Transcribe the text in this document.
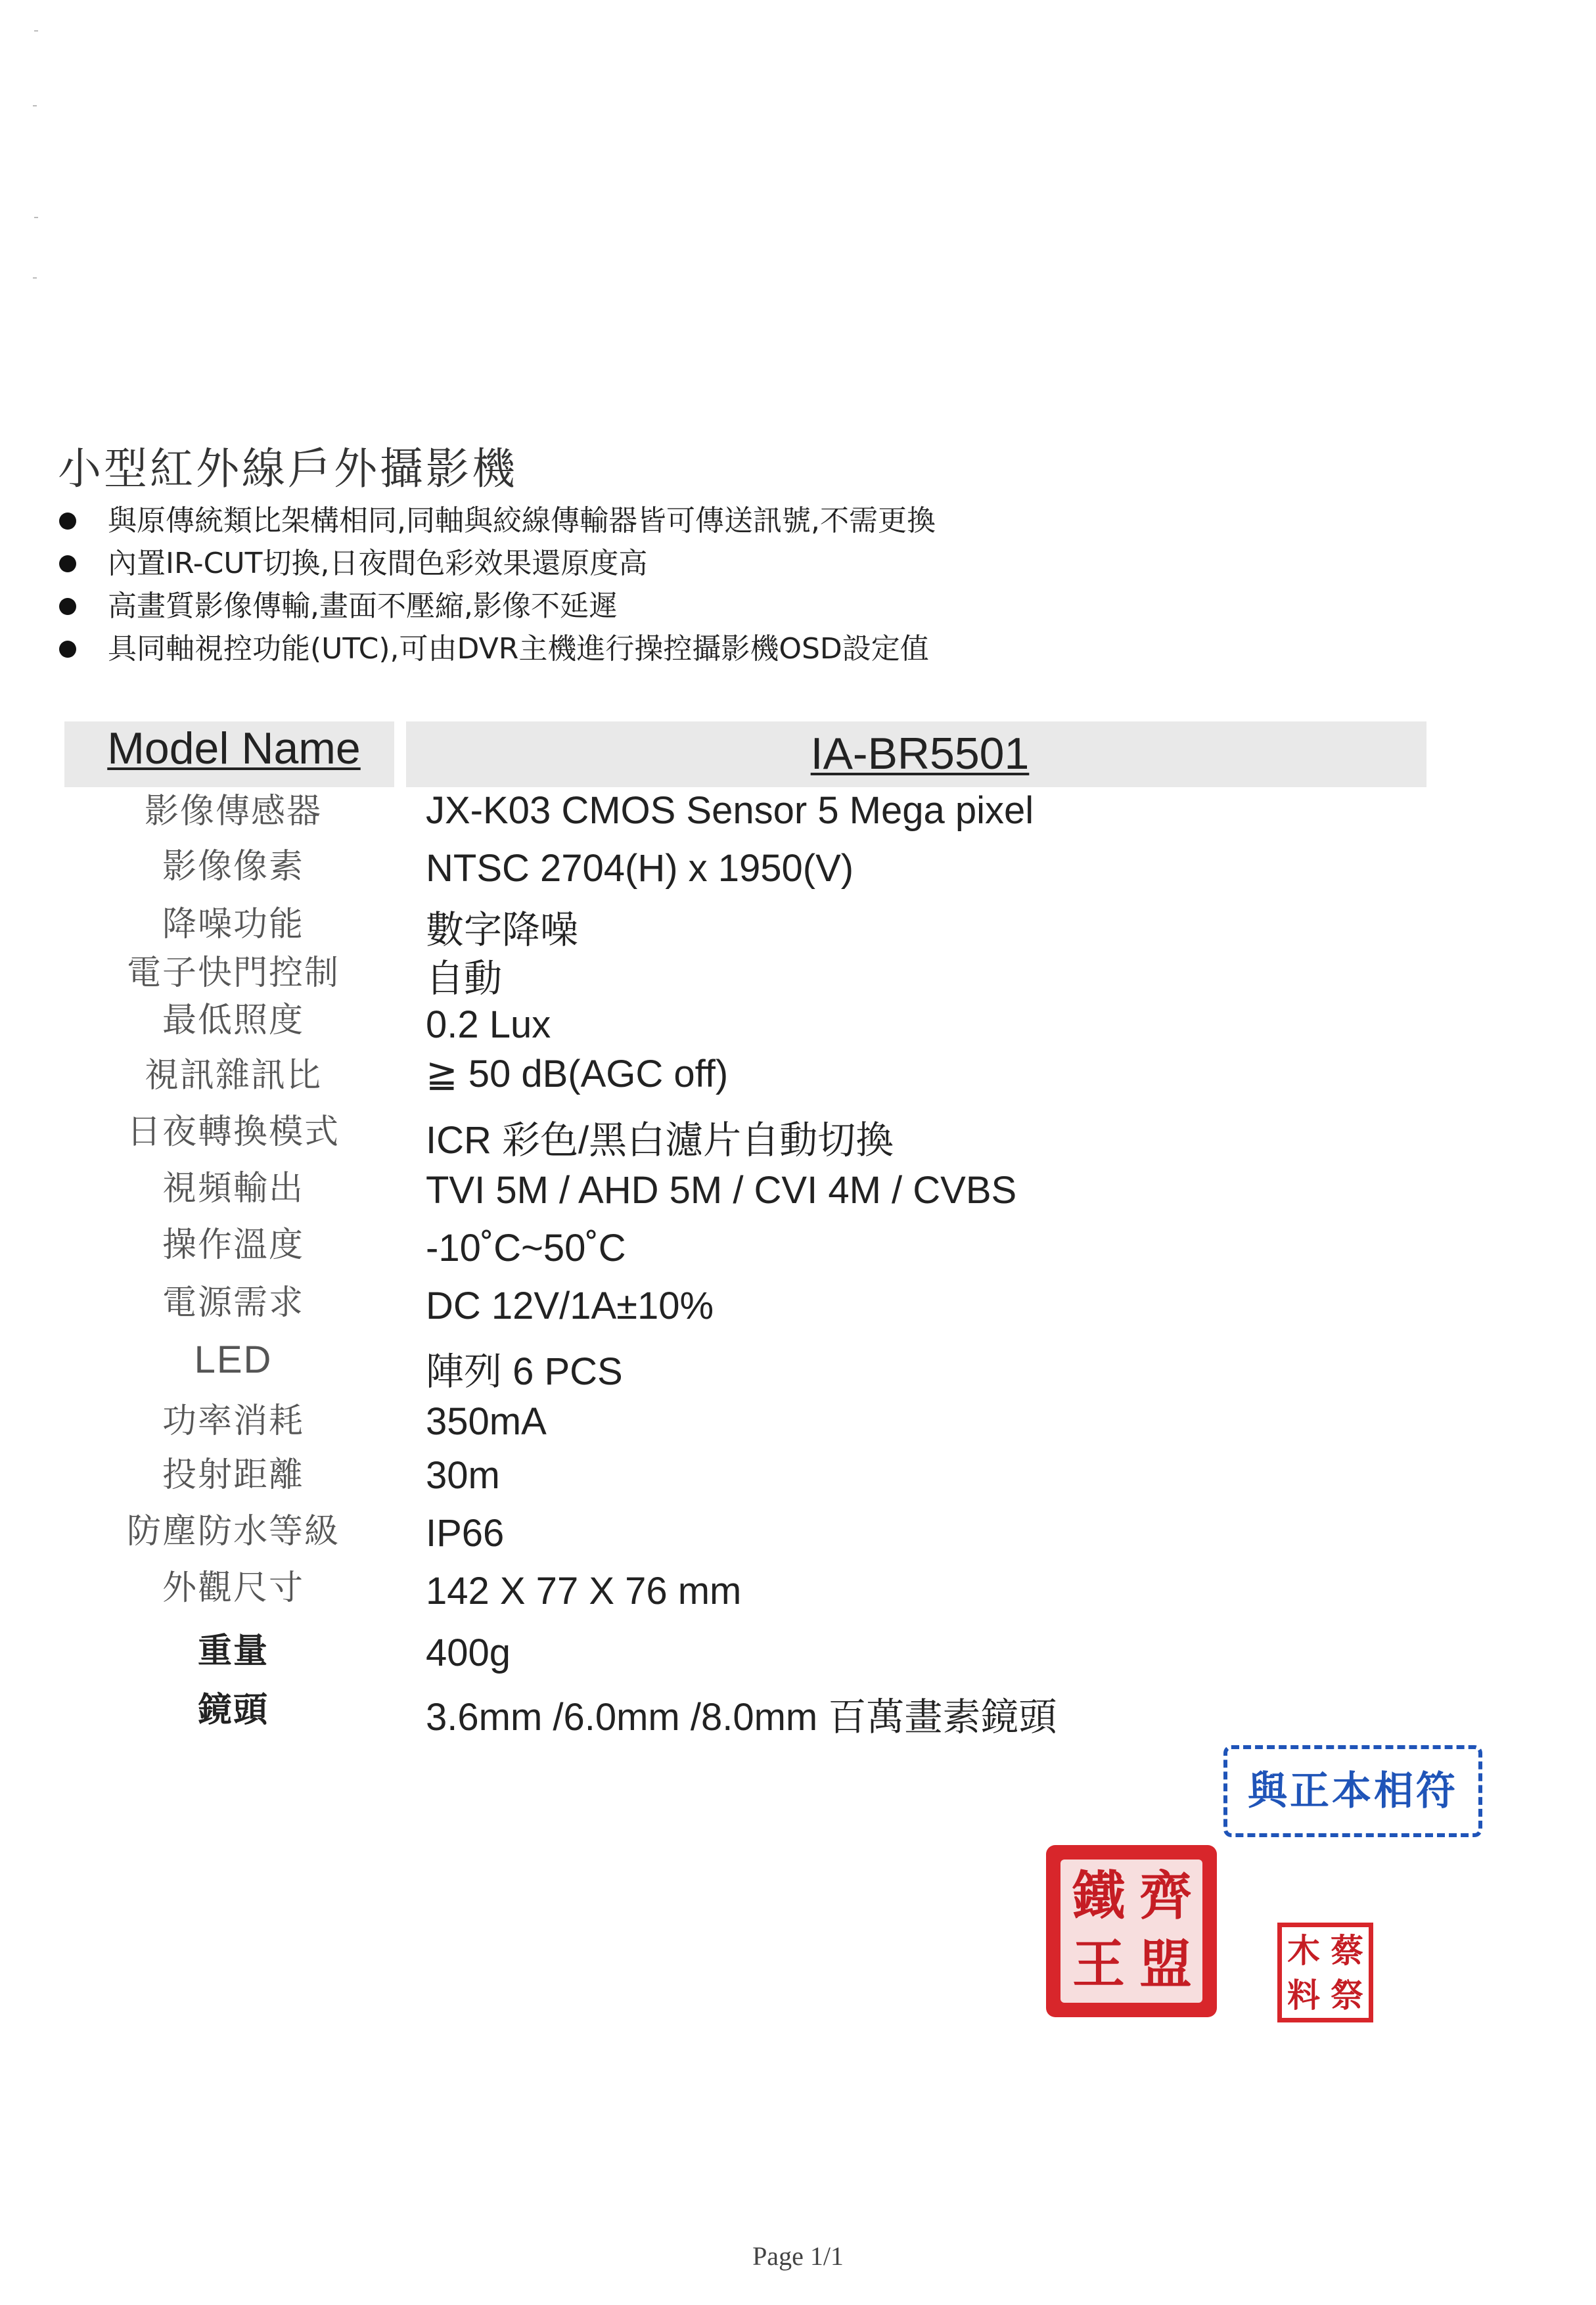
小型紅外線戶外攝影機
與原傳統類比架構相同,同軸與絞線傳輸器皆可傳送訊號,不需更換
內置IR-CUT切換,日夜間色彩效果還原度高
高畫質影像傳輸,畫面不壓縮,影像不延遲
具同軸視控功能(UTC),可由DVR主機進行操控攝影機OSD設定值
Model Name	IA-BR5501
影像傳感器	JX-K03 CMOS Sensor 5 Mega pixel
影像像素	NTSC 2704(H) x 1950(V)
降噪功能	數字降噪
電子快門控制	自動
最低照度	0.2 Lux
視訊雜訊比	≧ 50 dB(AGC off)
日夜轉換模式	ICR 彩色/黑白濾片自動切換
視頻輸出	TVI 5M / AHD 5M / CVI 4M / CVBS
操作溫度	-10˚C~50˚C
電源需求	DC 12V/1A±10%
LED	陣列 6 PCS
功率消耗	350mA
投射距離	30m
防塵防水等級	IP66
外觀尺寸	142 X 77 X 76 mm
重量	400g
鏡頭	3.6mm /6.0mm /8.0mm 百萬畫素鏡頭
與正本相符
齊
鐵
盟
王	蔡
木
祭
料
Page 1/1
